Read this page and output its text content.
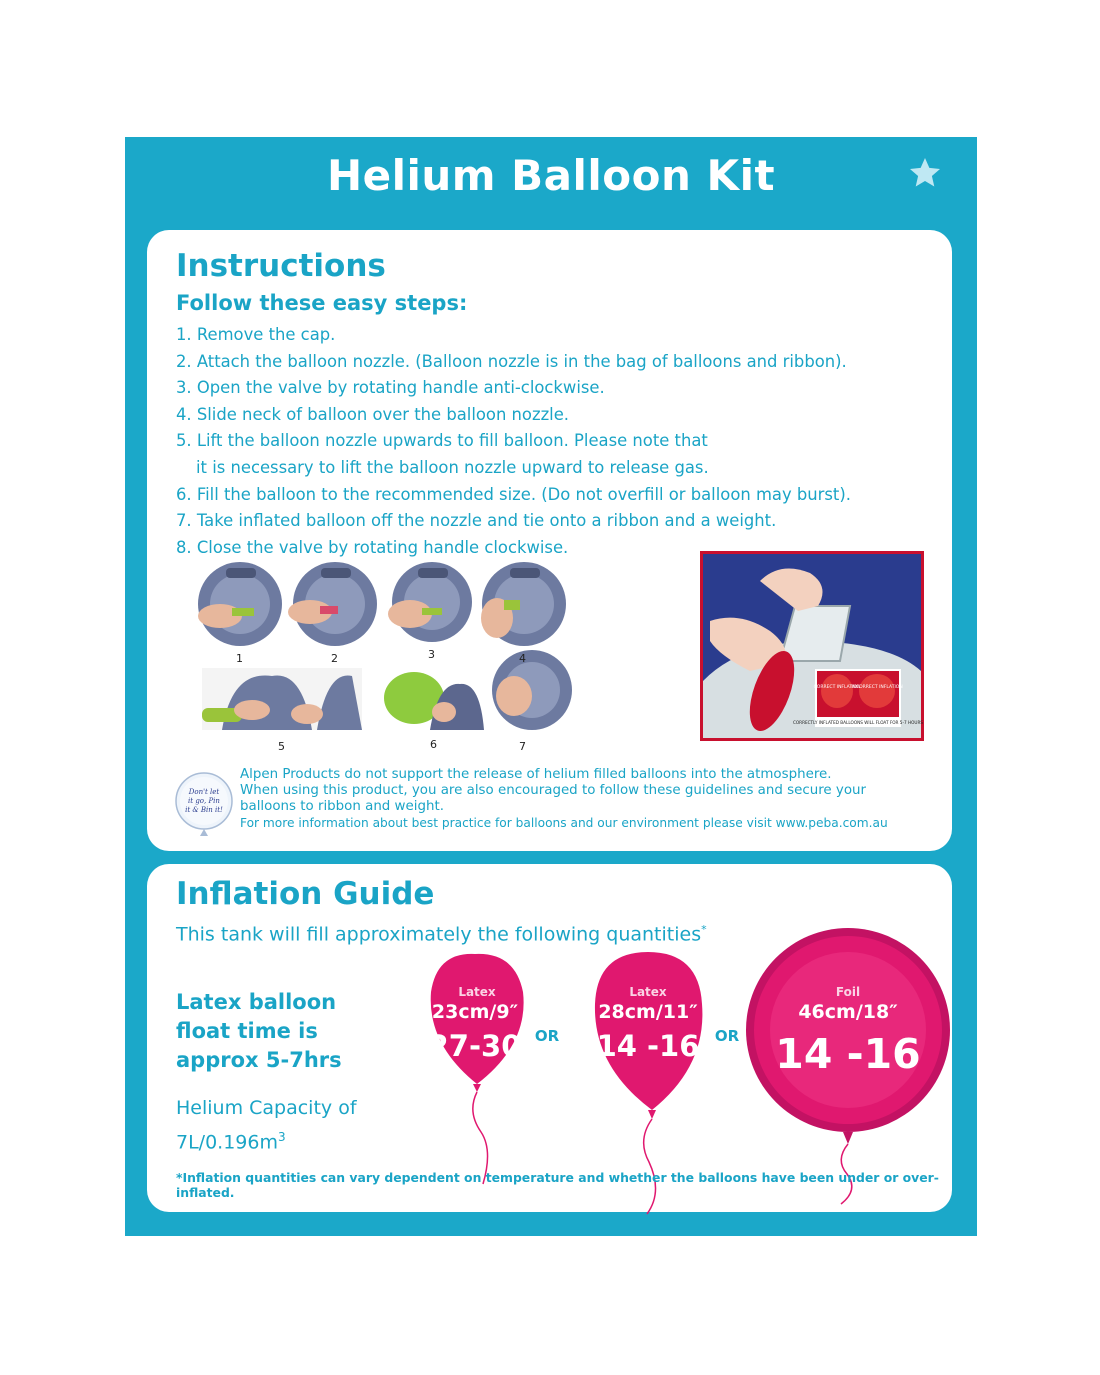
Helium Balloon Kit
Instructions
Follow these easy steps:
1. Remove the cap.
2. Attach the balloon nozzle. (Balloon nozzle is in the bag of balloons and ribbon).
3. Open the valve by rotating handle anti-clockwise.
4. Slide neck of balloon over the balloon nozzle.
5. Lift the balloon nozzle upwards to fill balloon. Please note that
it is necessary to lift the balloon nozzle upward to release gas.
6. Fill the balloon to the recommended size. (Do not overfill or balloon may burst).
7. Take inflated balloon off the nozzle and tie onto a ribbon and a weight.
8. Close the valve by rotating handle clockwise.
1	2	3	4
5	6	7
CORRECT INFLATION
INCORRECT INFLATION
CORRECTLY INFLATED BALLOONS WILL FLOAT FOR 5-7 HOURS
Don't let
it go, Pin
it & Bin it!

Alpen Products do not support the release of helium filled balloons into the atmosphere.

When using this product, you are also encouraged to follow these guidelines and secure your

balloons to ribbon and weight.

For more information about best practice for balloons and our environment please visit www.peba.com.au

Inflation Guide
This tank will fill approximately the following quantities*
Latex balloon
float time is
approx 5-7hrs
Helium Capacity of
$7L/0.196m^3$
Latex
23cm/9″
27-30 OR
Latex
28cm/11″
14 -16 OR
Foil
46cm/18″
14 -16
*Inflation quantities can vary dependent on temperature and whether the balloons have been under or over-inflated.
